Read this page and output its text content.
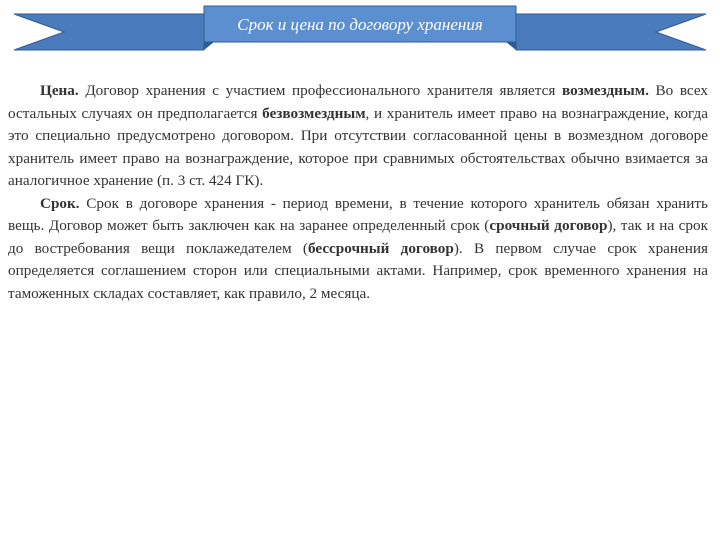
Срок и цена по договору хранения

Цена. Договор хранения с участием профессионального хранителя является возмездным. Во всех остальных случаях он предполагается безвозмездным, и хранитель имеет право на вознаграждение, когда это специально предусмотрено договором. При отсутствии согласованной цены в возмездном договоре хранитель имеет право на вознаграждение, которое при сравнимых обстоятельствах обычно взимается за аналогичное хранение (п. 3 ст. 424 ГК).

Срок. Срок в договоре хранения - период времени, в течение которого хранитель обязан хранить вещь. Договор может быть заключен как на заранее определенный срок (срочный договор), так и на срок до востребования вещи поклажедателем (бессрочный договор). В первом случае срок хранения определяется соглашением сторон или специальными актами. Например, срок временного хранения на таможенных складах составляет, как правило, 2 месяца.
